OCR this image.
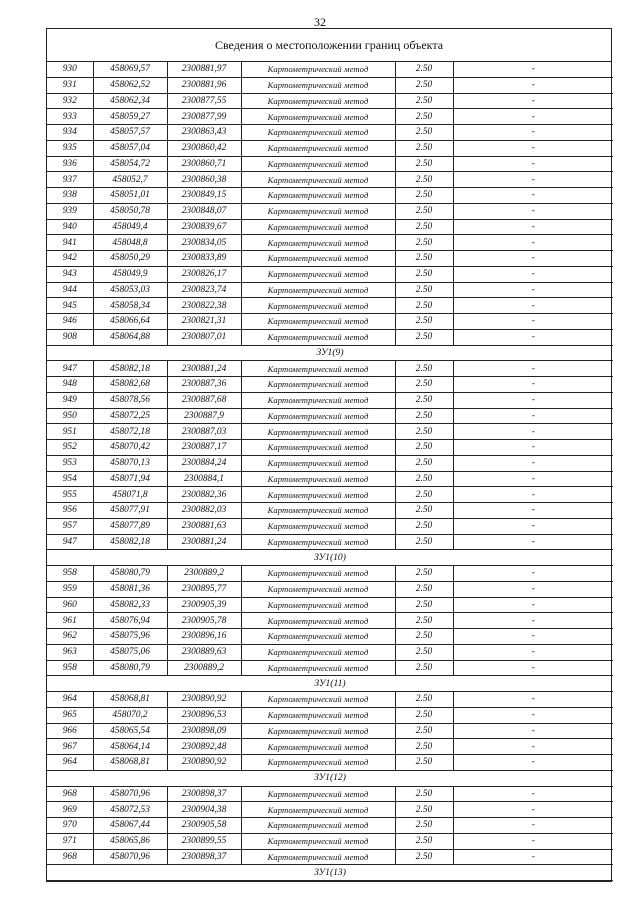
32
Сведения о местоположении границ объекта
930	458069,57	2300881,97	Картометрический метод	2.50	-
931	458062,52	2300881,96	Картометрический метод	2.50	-
932	458062,34	2300877,55	Картометрический метод	2.50	-
933	458059,27	2300877,99	Картометрический метод	2.50	-
934	458057,57	2300863,43	Картометрический метод	2.50	-
935	458057,04	2300860,42	Картометрический метод	2.50	-
936	458054,72	2300860,71	Картометрический метод	2.50	-
937	458052,7	2300860,38	Картометрический метод	2.50	-
938	458051,01	2300849,15	Картометрический метод	2.50	-
939	458050,78	2300848,07	Картометрический метод	2.50	-
940	458049,4	2300839,67	Картометрический метод	2.50	-
941	458048,8	2300834,05	Картометрический метод	2.50	-
942	458050,29	2300833,89	Картометрический метод	2.50	-
943	458049,9	2300826,17	Картометрический метод	2.50	-
944	458053,03	2300823,74	Картометрический метод	2.50	-
945	458058,34	2300822,38	Картометрический метод	2.50	-
946	458066,64	2300821,31	Картометрический метод	2.50	-
908	458064,88	2300807,01	Картометрический метод	2.50	-
ЗУ1(9)					
947	458082,18	2300881,24	Картометрический метод	2.50	-
948	458082,68	2300887,36	Картометрический метод	2.50	-
949	458078,56	2300887,68	Картометрический метод	2.50	-
950	458072,25	2300887,9	Картометрический метод	2.50	-
951	458072,18	2300887,03	Картометрический метод	2.50	-
952	458070,42	2300887,17	Картометрический метод	2.50	-
953	458070,13	2300884,24	Картометрический метод	2.50	-
954	458071,94	2300884,1	Картометрический метод	2.50	-
955	458071,8	2300882,36	Картометрический метод	2.50	-
956	458077,91	2300882,03	Картометрический метод	2.50	-
957	458077,89	2300881,63	Картометрический метод	2.50	-
947	458082,18	2300881,24	Картометрический метод	2.50	-
ЗУ1(10)					
958	458080,79	2300889,2	Картометрический метод	2.50	-
959	458081,36	2300895,77	Картометрический метод	2.50	-
960	458082,33	2300905,39	Картометрический метод	2.50	-
961	458076,94	2300905,78	Картометрический метод	2.50	-
962	458075,96	2300896,16	Картометрический метод	2.50	-
963	458075,06	2300889,63	Картометрический метод	2.50	-
958	458080,79	2300889,2	Картометрический метод	2.50	-
ЗУ1(11)					
964	458068,81	2300890,92	Картометрический метод	2.50	-
965	458070,2	2300896,53	Картометрический метод	2.50	-
966	458065,54	2300898,09	Картометрический метод	2.50	-
967	458064,14	2300892,48	Картометрический метод	2.50	-
964	458068,81	2300890,92	Картометрический метод	2.50	-
ЗУ1(12)					
968	458070,96	2300898,37	Картометрический метод	2.50	-
969	458072,53	2300904,38	Картометрический метод	2.50	-
970	458067,44	2300905,58	Картометрический метод	2.50	-
971	458065,86	2300899,55	Картометрический метод	2.50	-
968	458070,96	2300898,37	Картометрический метод	2.50	-
ЗУ1(13)					
